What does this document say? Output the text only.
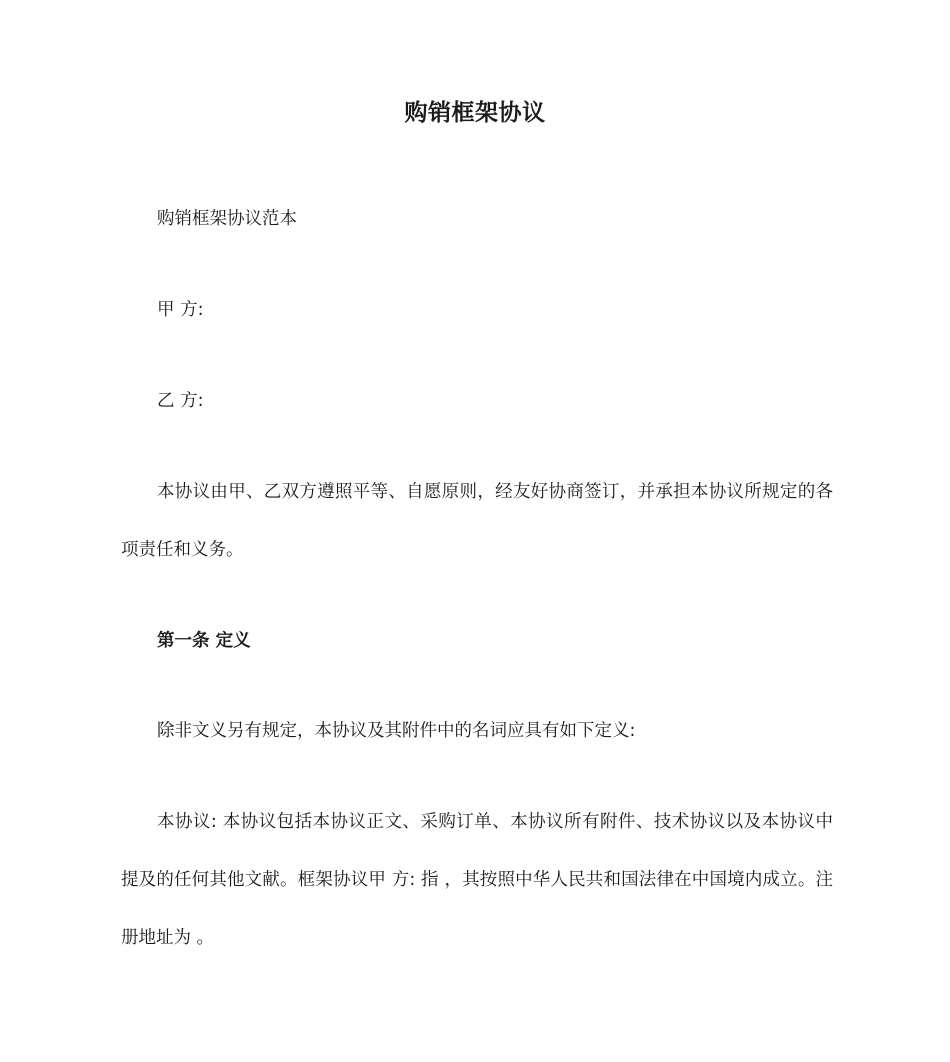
购销框架协议

购销框架协议范本

甲 方:

乙 方:

本协议由甲、乙双方遵照平等、自愿原则，经友好协商签订，并承担本协议所规定的各项责任和义务。

第一条 定义

除非文义另有规定，本协议及其附件中的名词应具有如下定义:

本协议: 本协议包括本协议正文、采购订单、本协议所有附件、技术协议以及本协议中提及的任何其他文献。框架协议甲 方: 指 ，其按照中华人民共和国法律在中国境内成立。注册地址为 。
